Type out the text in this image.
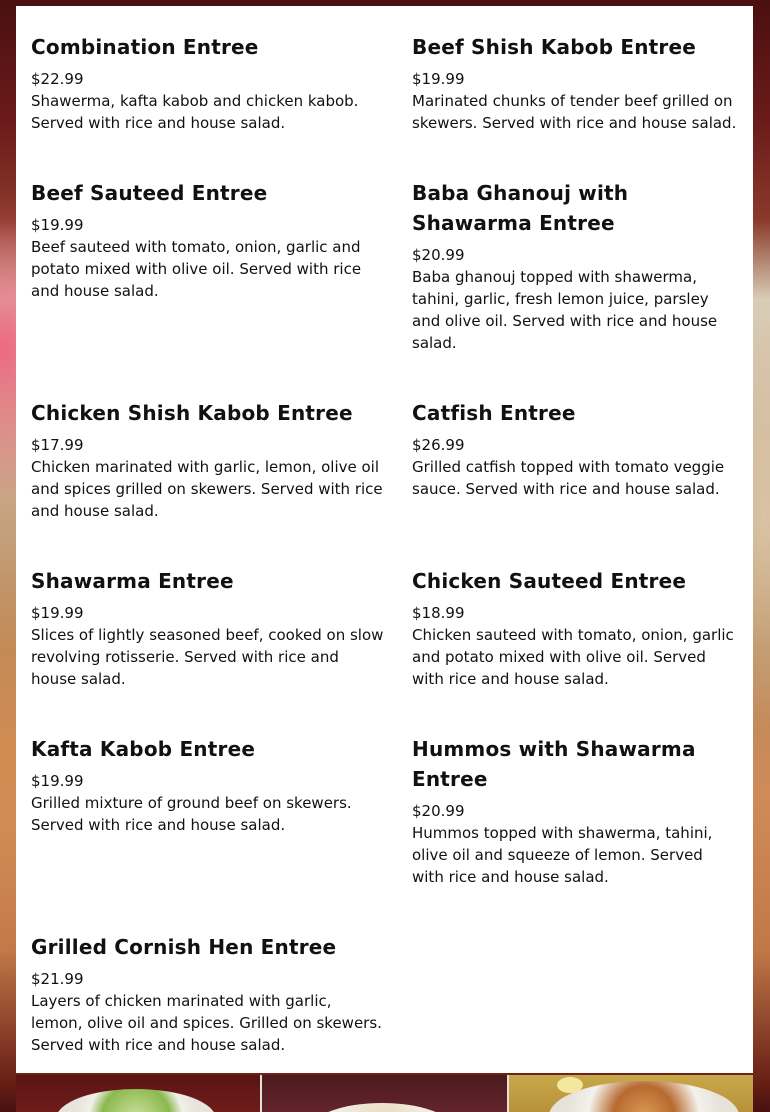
Combination Entree
$22.99
Shawerma, kafta kabob and chicken kabob. Served with rice and house salad.
Beef Shish Kabob Entree
$19.99
Marinated chunks of tender beef grilled on skewers. Served with rice and house salad.
Beef Sauteed Entree
$19.99
Beef sauteed with tomato, onion, garlic and potato mixed with olive oil. Served with rice and house salad.
Baba Ghanouj with Shawarma Entree
$20.99
Baba ghanouj topped with shawerma, tahini, garlic, fresh lemon juice, parsley and olive oil. Served with rice and house salad.
Chicken Shish Kabob Entree
$17.99
Chicken marinated with garlic, lemon, olive oil and spices grilled on skewers. Served with rice and house salad.
Catfish Entree
$26.99
Grilled catfish topped with tomato veggie sauce. Served with rice and house salad.
Shawarma Entree
$19.99
Slices of lightly seasoned beef, cooked on slow revolving rotisserie. Served with rice and house salad.
Chicken Sauteed Entree
$18.99
Chicken sauteed with tomato, onion, garlic and potato mixed with olive oil. Served with rice and house salad.
Kafta Kabob Entree
$19.99
Grilled mixture of ground beef on skewers. Served with rice and house salad.
Hummos with Shawarma Entree
$20.99
Hummos topped with shawerma, tahini, olive oil and squeeze of lemon. Served with rice and house salad.
Grilled Cornish Hen Entree
$21.99
Layers of chicken marinated with garlic, lemon, olive oil and spices. Grilled on skewers. Served with rice and house salad.
